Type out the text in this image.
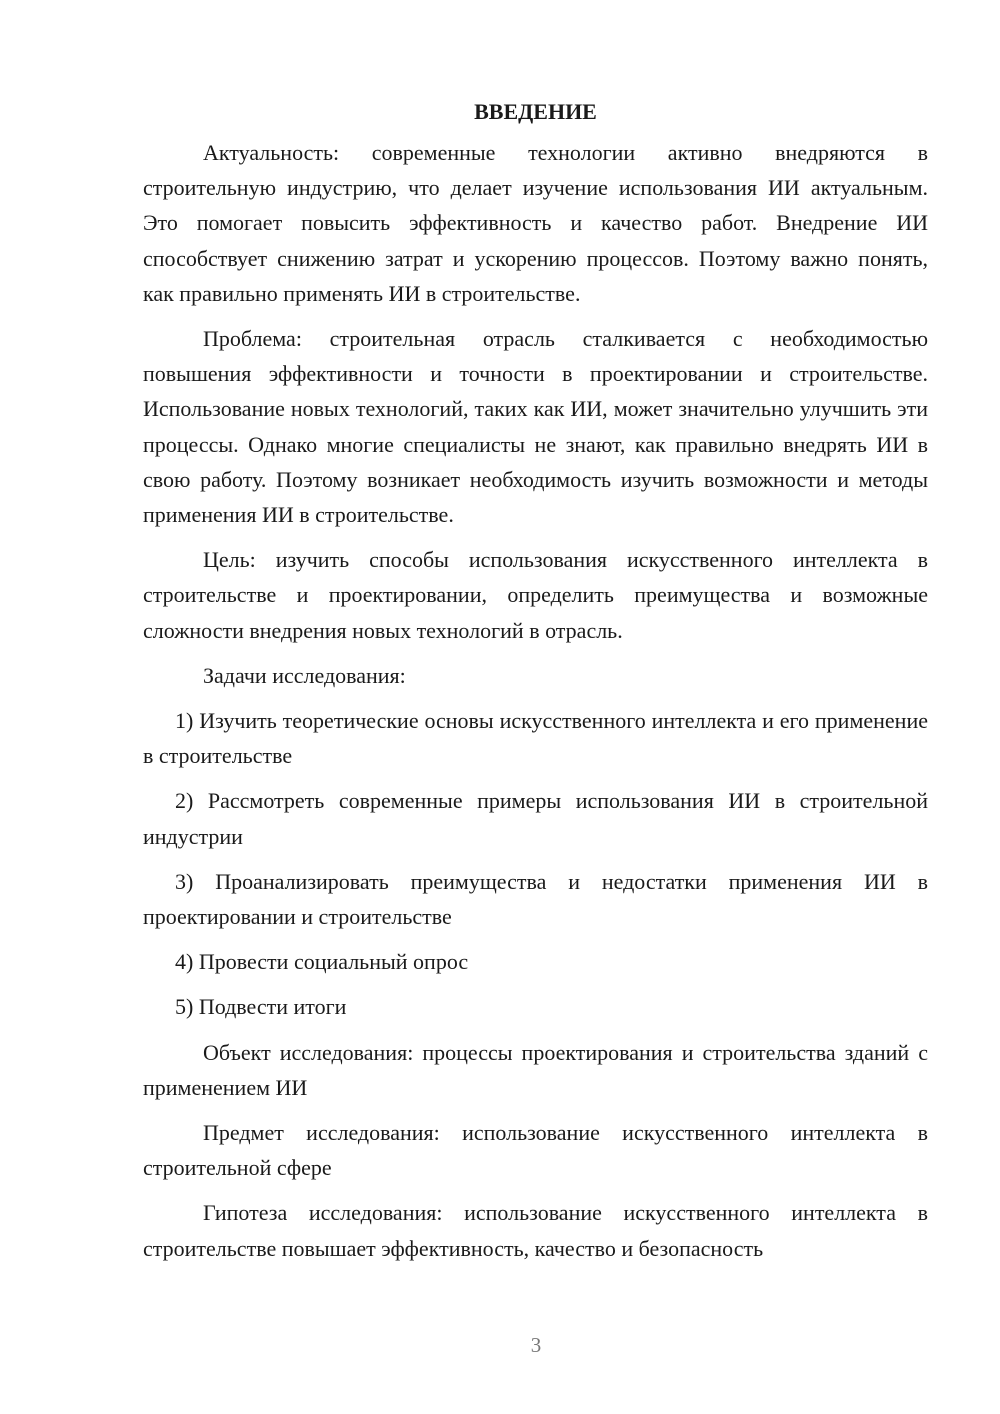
ВВЕДЕНИЕ

Актуальность: современные технологии активно внедряются в строительную индустрию, что делает изучение использования ИИ актуальным. Это помогает повысить эффективность и качество работ. Внедрение ИИ способствует снижению затрат и ускорению процессов. Поэтому важно понять, как правильно применять ИИ в строительстве.

Проблема: строительная отрасль сталкивается с необходимостью повышения эффективности и точности в проектировании и строительстве. Использование новых технологий, таких как ИИ, может значительно улучшить эти процессы. Однако многие специалисты не знают, как правильно внедрять ИИ в свою работу. Поэтому возникает необходимость изучить возможности и методы применения ИИ в строительстве.

Цель: изучить способы использования искусственного интеллекта в строительстве и проектировании, определить преимущества и возможные сложности внедрения новых технологий в отрасль.

Задачи исследования:

1) Изучить теоретические основы искусственного интеллекта и его применение в строительстве

2) Рассмотреть современные примеры использования ИИ в строительной индустрии

3) Проанализировать преимущества и недостатки применения ИИ в проектировании и строительстве

4) Провести социальный опрос

5) Подвести итоги

Объект исследования: процессы проектирования и строительства зданий с применением ИИ

Предмет исследования: использование искусственного интеллекта в строительной сфере

Гипотеза исследования: использование искусственного интеллекта в строительстве повышает эффективность, качество и безопасность

3
